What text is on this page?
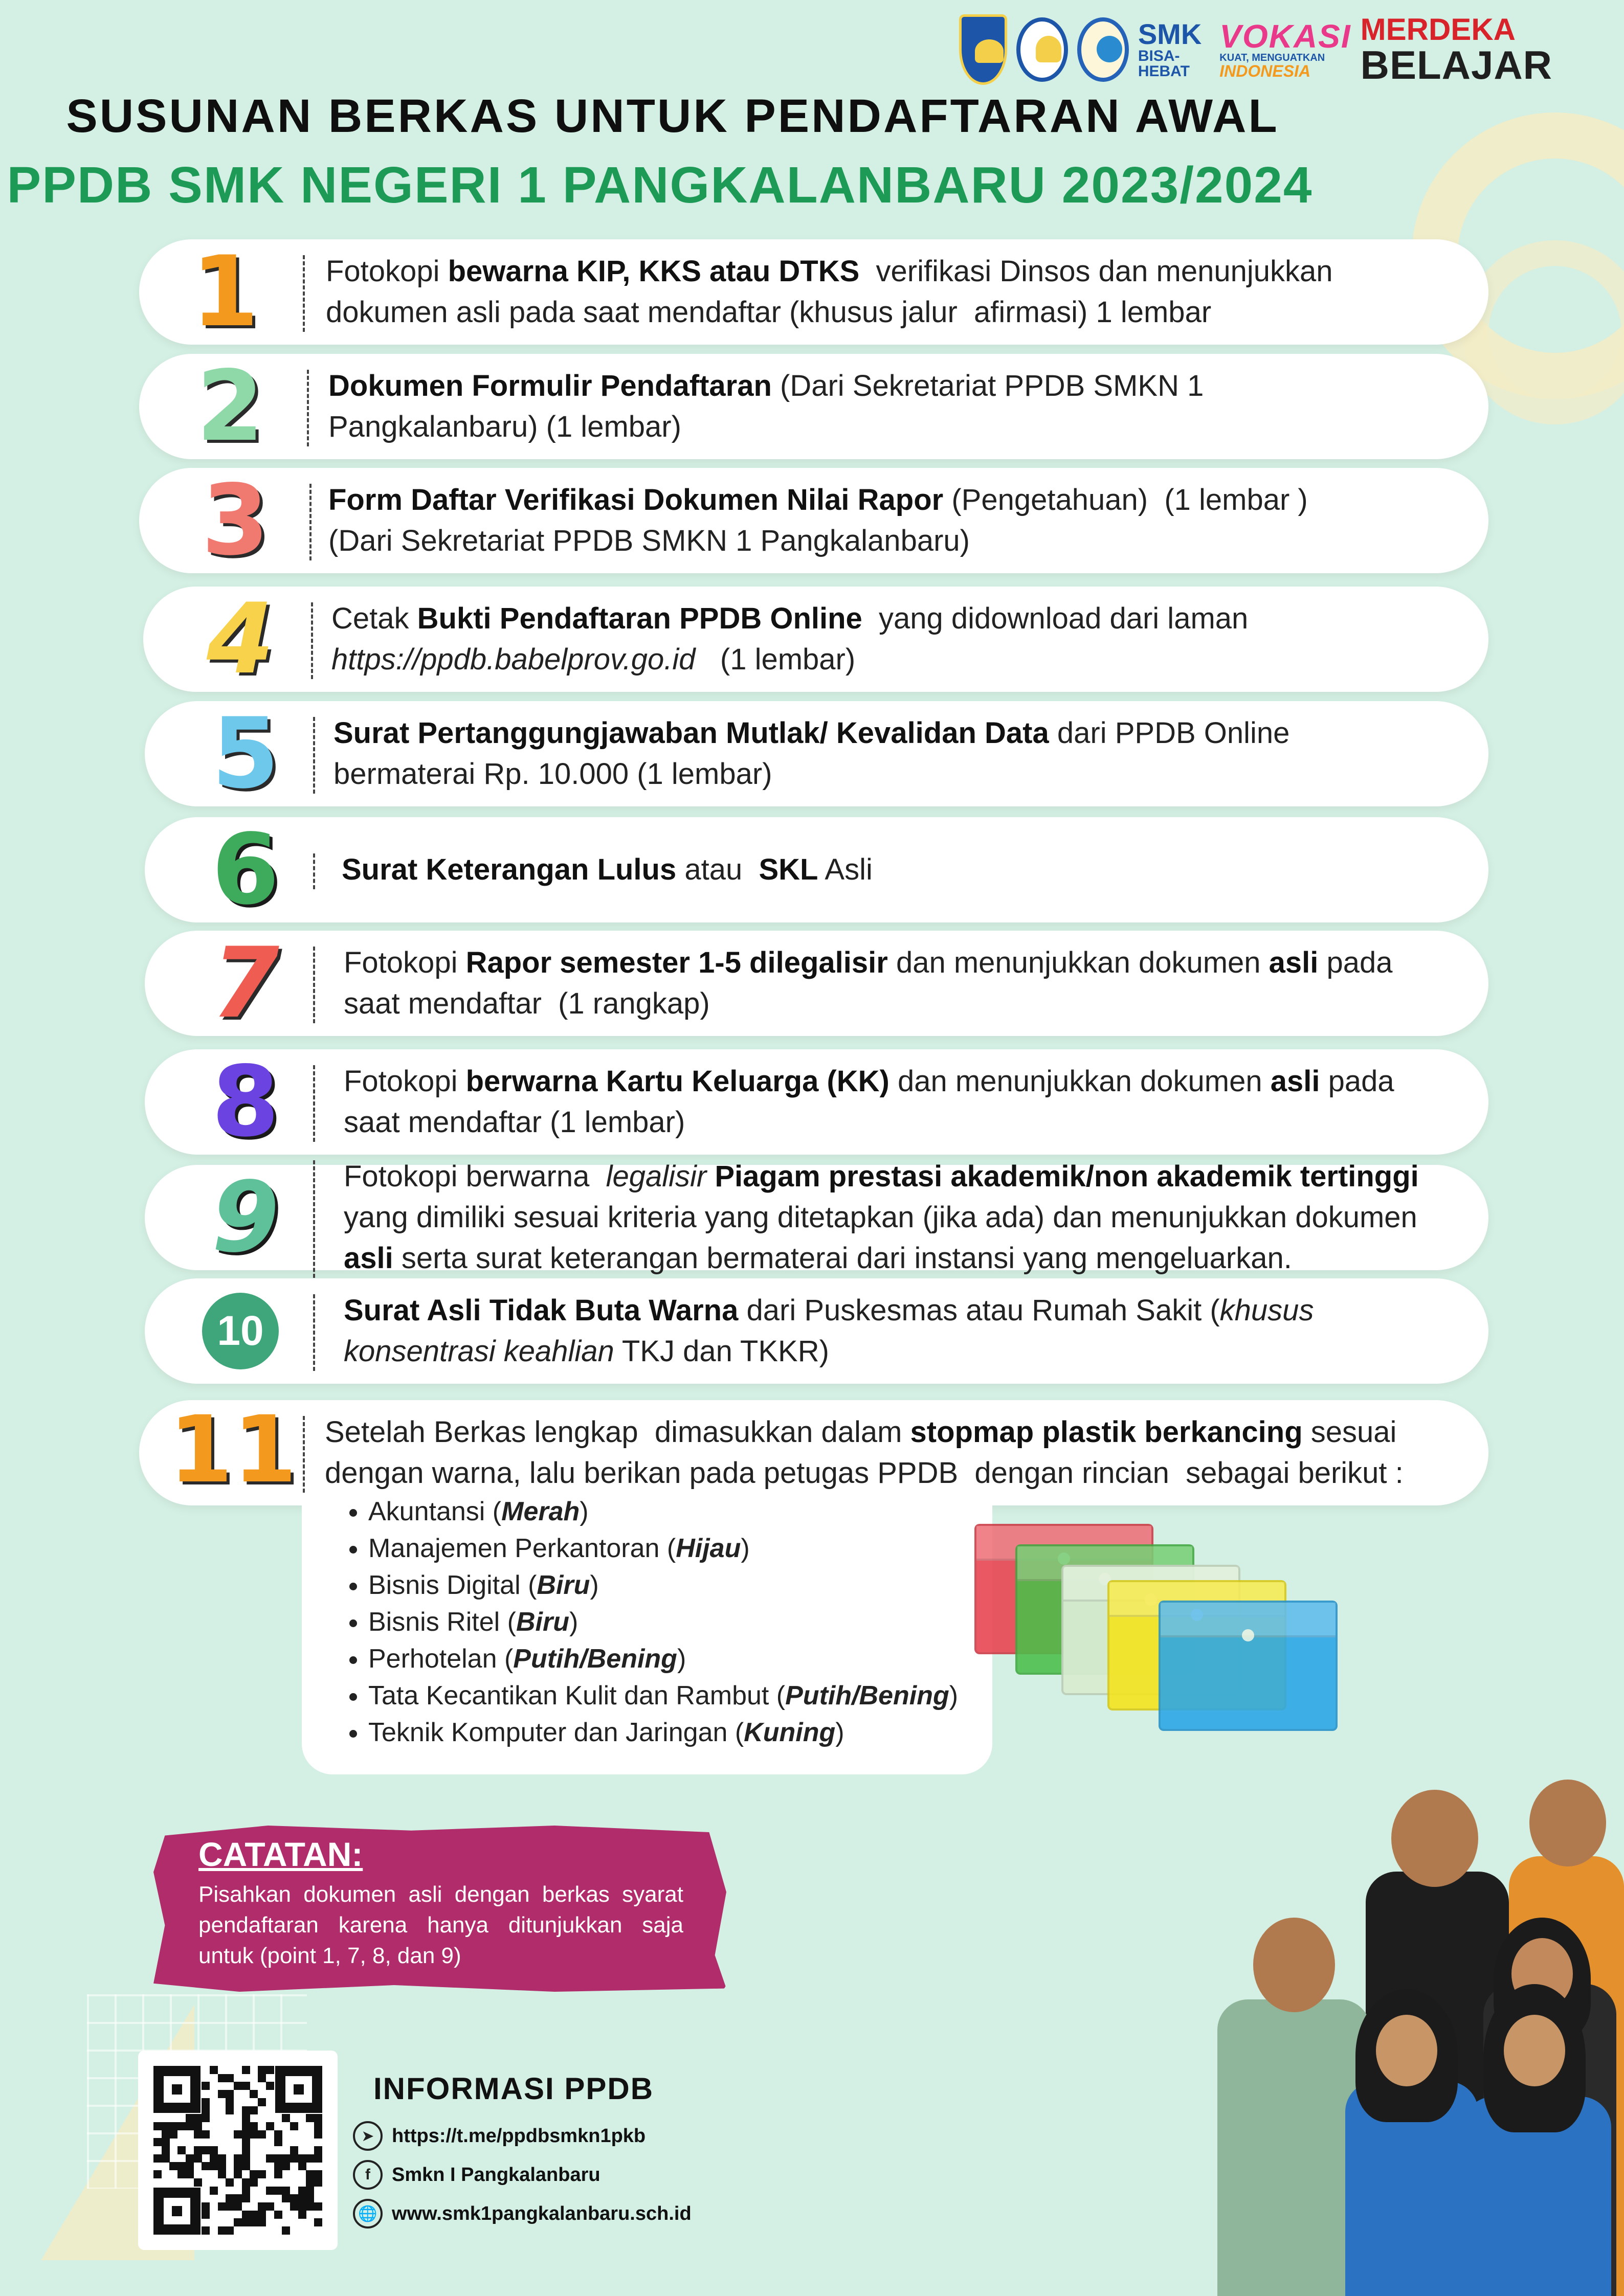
SMK
BISA-HEBAT
VOKASI
KUAT, MENGUATKAN
INDONESIA
MERDEKA
BELAJAR
SUSUNAN BERKAS UNTUK PENDAFTARAN AWAL
PPDB SMK NEGERI 1 PANGKALANBARU 2023/2024
1	Fotokopi bewarna KIP, KKS atau DTKS  verifikasi Dinsos dan menunjukkan
dokumen asli pada saat mendaftar (khusus jalur  afirmasi) 1 lembar
2	Dokumen Formulir Pendaftaran (Dari Sekretariat PPDB SMKN 1
Pangkalanbaru) (1 lembar)
3	Form Daftar Verifikasi Dokumen Nilai Rapor (Pengetahuan)  (1 lembar )
(Dari Sekretariat PPDB SMKN 1 Pangkalanbaru)
4	Cetak Bukti Pendaftaran PPDB Online  yang didownload dari laman
https://ppdb.babelprov.go.id   (1 lembar)
5	Surat Pertanggungjawaban Mutlak/ Kevalidan Data dari PPDB Online
bermaterai Rp. 10.000 (1 lembar)
6	Surat Keterangan Lulus atau  SKL Asli
7	Fotokopi Rapor semester 1-5 dilegalisir dan menunjukkan dokumen asli pada
saat mendaftar  (1 rangkap)
8	Fotokopi berwarna Kartu Keluarga (KK) dan menunjukkan dokumen asli pada
saat mendaftar (1 lembar)
9	Fotokopi berwarna  legalisir Piagam prestasi akademik/non akademik tertinggi
yang dimiliki sesuai kriteria yang ditetapkan (jika ada) dan menunjukkan dokumen
asli serta surat keterangan bermaterai dari instansi yang mengeluarkan.
10	Surat Asli Tidak Buta Warna dari Puskesmas atau Rumah Sakit (khusus
konsentrasi keahlian TKJ dan TKKR)
11 Setelah Berkas lengkap  dimasukkan dalam stopmap plastik berkancing sesuai
dengan warna, lalu berikan pada petugas PPDB  dengan rincian  sebagai berikut :
• Akuntansi (Merah)
• Manajemen Perkantoran (Hijau)
• Bisnis Digital (Biru)
• Bisnis Ritel (Biru)
• Perhotelan (Putih/Bening)
• Tata Kecantikan Kulit dan Rambut (Putih/Bening)
• Teknik Komputer dan Jaringan (Kuning)
CATATAN:
Pisahkan dokumen asli dengan berkas syarat pendaftaran karena hanya ditunjukkan saja untuk (point 1, 7, 8, dan 9)
INFORMASI PPDB
➤ https://t.me/ppdbsmkn1pkb
f	Smkn I Pangkalanbaru
🌐 www.smk1pangkalanbaru.sch.id
